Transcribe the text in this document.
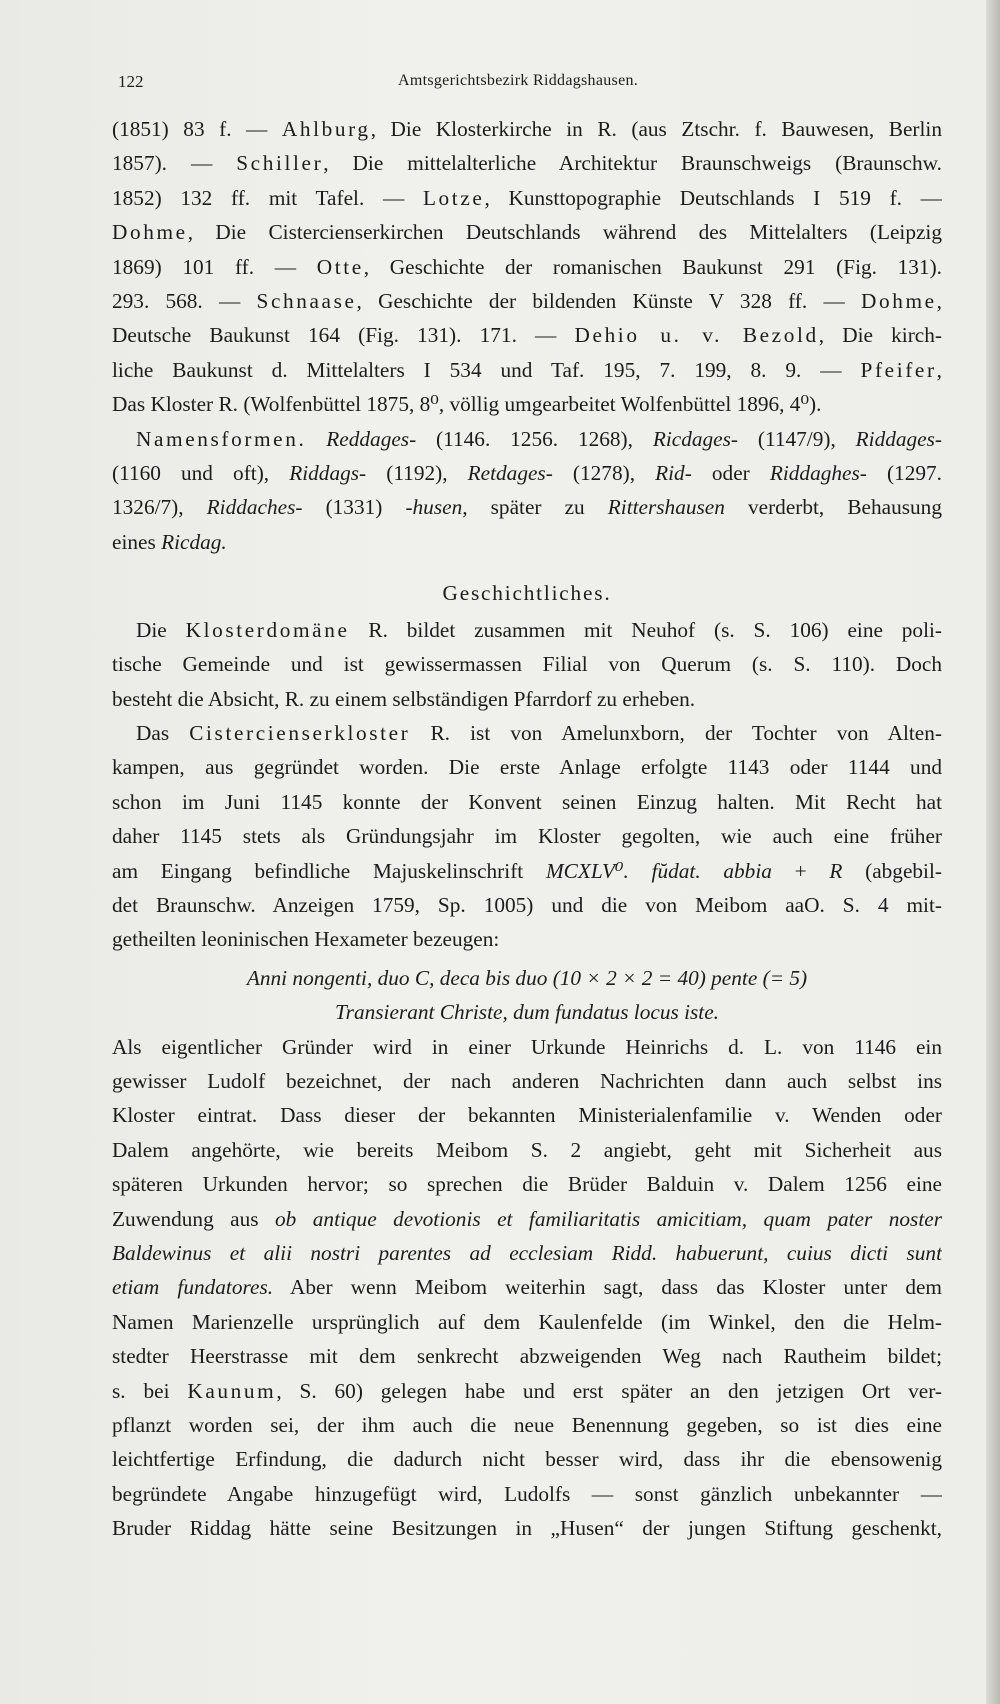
122	Amtsgerichtsbezirk Riddagshausen.
(1851) 83 f. — Ahlburg, Die Klosterkirche in R. (aus Ztschr. f. Bauwesen, Berlin
1857). — Schiller, Die mittelalterliche Architektur Braunschweigs (Braunschw.
1852) 132 ff. mit Tafel. — Lotze, Kunsttopographie Deutschlands I 519 f. —
Dohme, Die Cistercienserkirchen Deutschlands während des Mittelalters (Leipzig
1869) 101 ff. — Otte, Geschichte der romanischen Baukunst 291 (Fig. 131).
293. 568. — Schnaase, Geschichte der bildenden Künste V 328 ff. — Dohme,
Deutsche Baukunst 164 (Fig. 131). 171. — Dehio u. v. Bezold, Die kirch-
liche Baukunst d. Mittelalters I 534 und Taf. 195, 7. 199, 8. 9. — Pfeifer,
Das Kloster R. (Wolfenbüttel 1875, 8⁰, völlig umgearbeitet Wolfenbüttel 1896, 4⁰).
Namensformen. Reddages- (1146. 1256. 1268), Ricdages- (1147/9), Riddages-
(1160 und oft), Riddags- (1192), Retdages- (1278), Rid- oder Riddaghes- (1297.
1326/7), Riddaches- (1331) -husen, später zu Rittershausen verderbt, Behausung
eines Ricdag.
Geschichtliches.
Die Klosterdomäne R. bildet zusammen mit Neuhof (s. S. 106) eine poli-
tische Gemeinde und ist gewissermassen Filial von Querum (s. S. 110). Doch
besteht die Absicht, R. zu einem selbständigen Pfarrdorf zu erheben.
Das Cistercienserkloster R. ist von Amelunxborn, der Tochter von Alten-
kampen, aus gegründet worden. Die erste Anlage erfolgte 1143 oder 1144 und
schon im Juni 1145 konnte der Konvent seinen Einzug halten. Mit Recht hat
daher 1145 stets als Gründungsjahr im Kloster gegolten, wie auch eine früher
am Eingang befindliche Majuskelinschrift MCXLV⁰. fŭdat. abbia + R (abgebil-
det Braunschw. Anzeigen 1759, Sp. 1005) und die von Meibom aaO. S. 4 mit-
getheilten leoninischen Hexameter bezeugen:
Anni nongenti, duo C, deca bis duo (10 × 2 × 2 = 40) pente (= 5)
Transierant Christe, dum fundatus locus iste.
Als eigentlicher Gründer wird in einer Urkunde Heinrichs d. L. von 1146 ein
gewisser Ludolf bezeichnet, der nach anderen Nachrichten dann auch selbst ins
Kloster eintrat. Dass dieser der bekannten Ministerialenfamilie v. Wenden oder
Dalem angehörte, wie bereits Meibom S. 2 angiebt, geht mit Sicherheit aus
späteren Urkunden hervor; so sprechen die Brüder Balduin v. Dalem 1256 eine
Zuwendung aus ob antique devotionis et familiaritatis amicitiam, quam pater noster
Baldewinus et alii nostri parentes ad ecclesiam Ridd. habuerunt, cuius dicti sunt
etiam fundatores. Aber wenn Meibom weiterhin sagt, dass das Kloster unter dem
Namen Marienzelle ursprünglich auf dem Kaulenfelde (im Winkel, den die Helm-
stedter Heerstrasse mit dem senkrecht abzweigenden Weg nach Rautheim bildet;
s. bei Kaunum, S. 60) gelegen habe und erst später an den jetzigen Ort ver-
pflanzt worden sei, der ihm auch die neue Benennung gegeben, so ist dies eine
leichtfertige Erfindung, die dadurch nicht besser wird, dass ihr die ebensowenig
begründete Angabe hinzugefügt wird, Ludolfs — sonst gänzlich unbekannter —
Bruder Riddag hätte seine Besitzungen in „Husen“ der jungen Stiftung geschenkt,
